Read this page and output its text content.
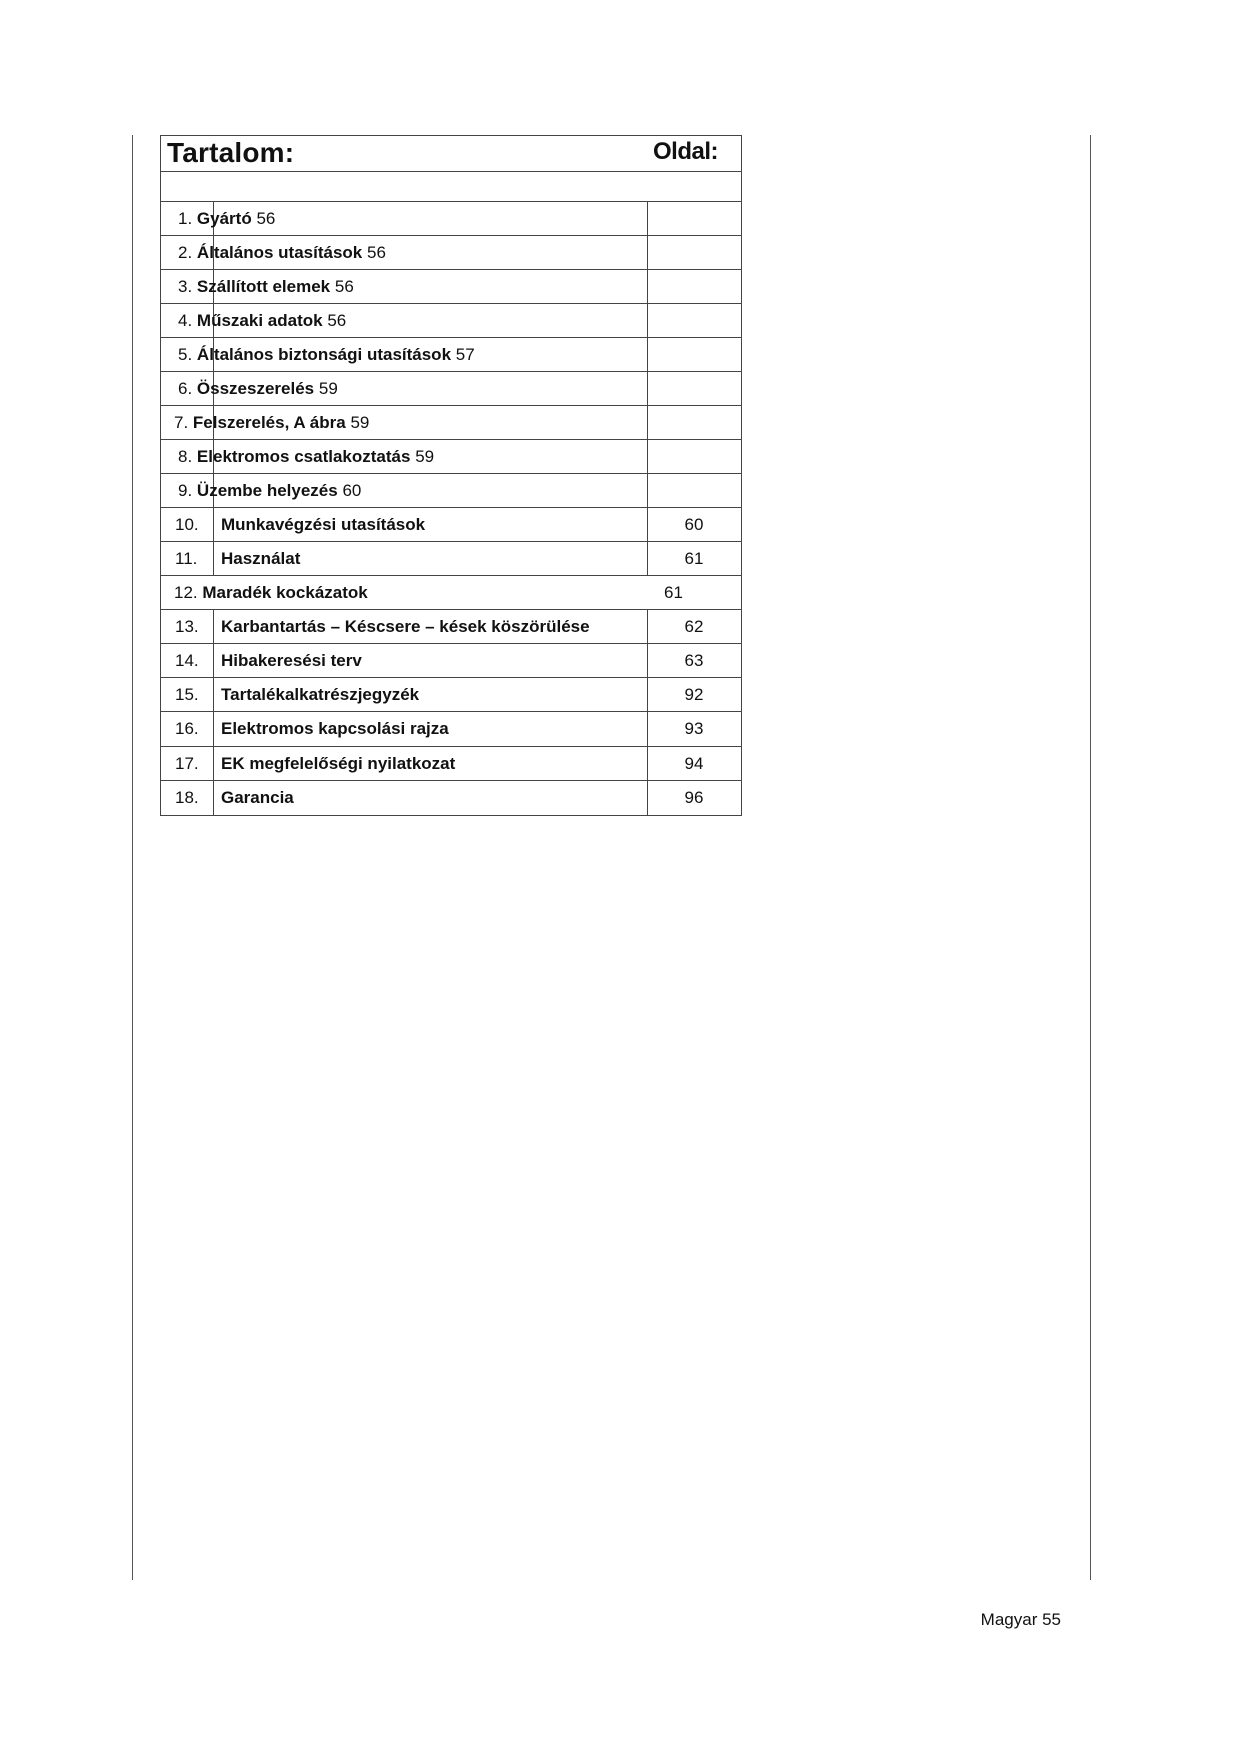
Tartalom:	Oldal:
1. Gyártó 56
2. Általános utasítások 56
3. Szállított elemek 56
4. Műszaki adatok 56
5. Általános biztonsági utasítások 57
6. Összeszerelés 59
7. Felszerelés, A ábra 59
8. Elektromos csatlakoztatás 59
9. Üzembe helyezés 60
10. Munkavégzési utasítások	60
11. Használat	61
12. Maradék kockázatok	61
13. Karbantartás – Késcsere – kések köszörülése	62
14. Hibakeresési terv	63
15. Tartalékalkatrészjegyzék	92
16. Elektromos kapcsolási rajza	93
17. EK megfelelőségi nyilatkozat	94
18. Garancia	96
Magyar 55
